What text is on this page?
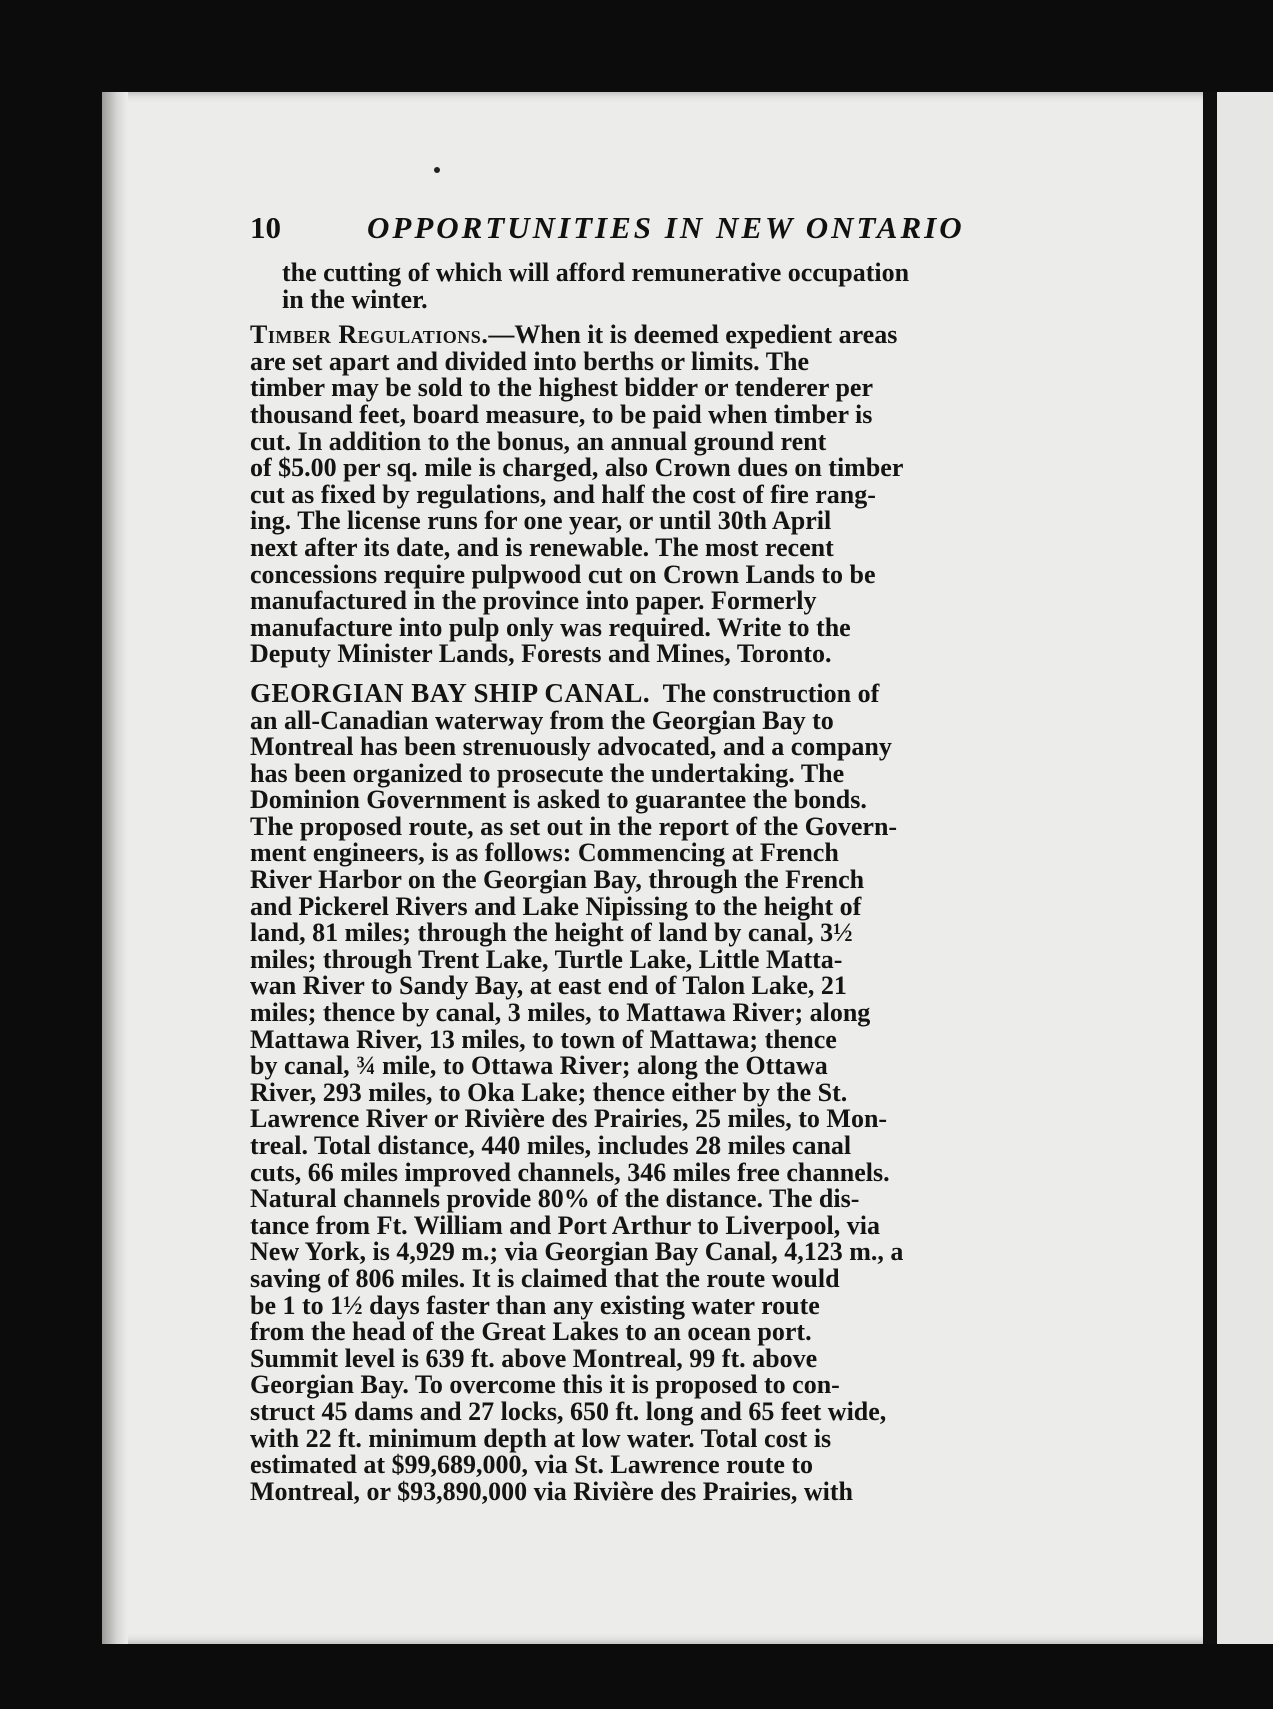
10	OPPORTUNITIES IN NEW ONTARIO
the cutting of which will afford remunerative occupation
in the winter.
Timber Regulations.—When it is deemed expedient areas
are set apart and divided into berths or limits. The
timber may be sold to the highest bidder or tenderer per
thousand feet, board measure, to be paid when timber is
cut. In addition to the bonus, an annual ground rent
of $5.00 per sq. mile is charged, also Crown dues on timber
cut as fixed by regulations, and half the cost of fire rang-
ing. The license runs for one year, or until 30th April
next after its date, and is renewable. The most recent
concessions require pulpwood cut on Crown Lands to be
manufactured in the province into paper. Formerly
manufacture into pulp only was required. Write to the
Deputy Minister Lands, Forests and Mines, Toronto.
GEORGIAN BAY SHIP CANAL.  The construction of
an all-Canadian waterway from the Georgian Bay to
Montreal has been strenuously advocated, and a company
has been organized to prosecute the undertaking. The
Dominion Government is asked to guarantee the bonds.
The proposed route, as set out in the report of the Govern-
ment engineers, is as follows: Commencing at French
River Harbor on the Georgian Bay, through the French
and Pickerel Rivers and Lake Nipissing to the height of
land, 81 miles; through the height of land by canal, 3½
miles; through Trent Lake, Turtle Lake, Little Matta-
wan River to Sandy Bay, at east end of Talon Lake, 21
miles; thence by canal, 3 miles, to Mattawa River; along
Mattawa River, 13 miles, to town of Mattawa; thence
by canal, ¾ mile, to Ottawa River; along the Ottawa
River, 293 miles, to Oka Lake; thence either by the St.
Lawrence River or Rivière des Prairies, 25 miles, to Mon-
treal. Total distance, 440 miles, includes 28 miles canal
cuts, 66 miles improved channels, 346 miles free channels.
Natural channels provide 80% of the distance. The dis-
tance from Ft. William and Port Arthur to Liverpool, via
New York, is 4,929 m.; via Georgian Bay Canal, 4,123 m., a
saving of 806 miles. It is claimed that the route would
be 1 to 1½ days faster than any existing water route
from the head of the Great Lakes to an ocean port.
Summit level is 639 ft. above Montreal, 99 ft. above
Georgian Bay. To overcome this it is proposed to con-
struct 45 dams and 27 locks, 650 ft. long and 65 feet wide,
with 22 ft. minimum depth at low water. Total cost is
estimated at $99,689,000, via St. Lawrence route to
Montreal, or $93,890,000 via Rivière des Prairies, with
